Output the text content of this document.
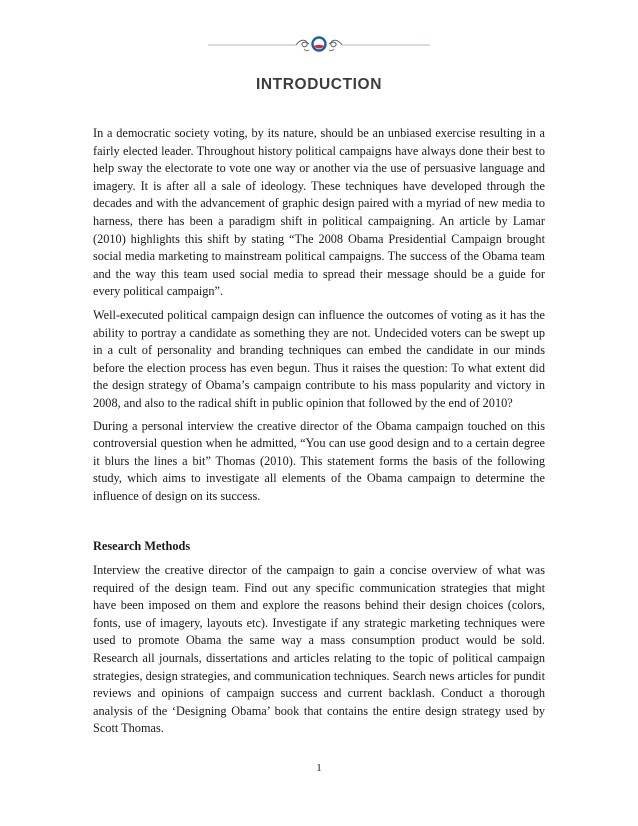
INTRODUCTION

In a democratic society voting, by its nature, should be an unbiased exercise resulting in a fairly elected leader. Throughout history political campaigns have always done their best to help sway the electorate to vote one way or another via the use of persuasive language and imagery. It is after all a sale of ideology. These techniques have developed through the decades and with the advancement of graphic design paired with a myriad of new media to harness, there has been a paradigm shift in political campaigning. An article by Lamar (2010) highlights this shift by stating “The 2008 Obama Presidential Campaign brought social media marketing to mainstream political campaigns. The success of the Obama team and the way this team used social media to spread their message should be a guide for every political campaign”.

Well-executed political campaign design can influence the outcomes of voting as it has the ability to portray a candidate as something they are not. Undecided voters can be swept up in a cult of personality and branding techniques can embed the candidate in our minds before the election process has even begun. Thus it raises the question: To what extent did the design strategy of Obama’s campaign contribute to his mass popularity and victory in 2008, and also to the radical shift in public opinion that followed by the end of 2010?

During a personal interview the creative director of the Obama campaign touched on this controversial question when he admitted, “You can use good design and to a certain degree it blurs the lines a bit” Thomas (2010). This statement forms the basis of the following study, which aims to investigate all elements of the Obama campaign to determine the influence of design on its success.

Research Methods

Interview the creative director of the campaign to gain a concise overview of what was required of the design team. Find out any specific communication strategies that might have been imposed on them and explore the reasons behind their design choices (colors, fonts, use of imagery, layouts etc). Investigate if any strategic marketing techniques were used to promote Obama the same way a mass consumption product would be sold. Research all journals, dissertations and articles relating to the topic of political campaign strategies, design strategies, and communication techniques. Search news articles for pundit reviews and opinions of campaign success and current backlash. Conduct a thorough analysis of the ‘Designing Obama’ book that contains the entire design strategy used by Scott Thomas.

1
